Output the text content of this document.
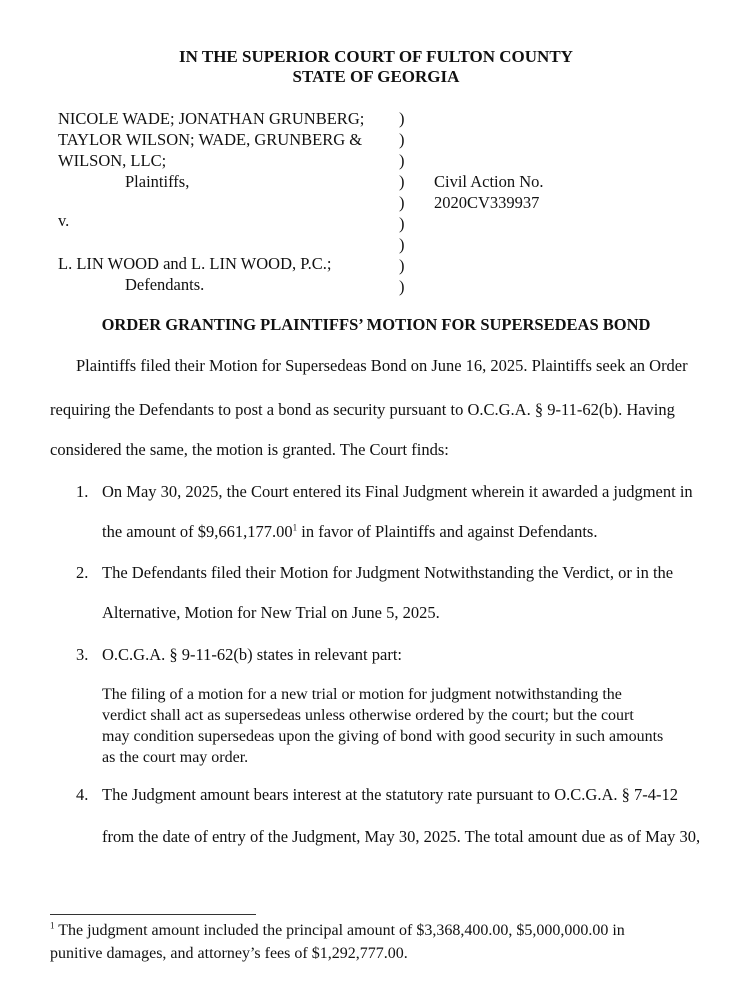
IN THE SUPERIOR COURT OF FULTON COUNTY
STATE OF GEORGIA
NICOLE WADE; JONATHAN GRUNBERG;
TAYLOR WILSON; WADE, GRUNBERG &
WILSON, LLC;
Plaintiffs,
v.
L. LIN WOOD and L. LIN WOOD, P.C.;
Defendants.
)
)
)
)
)
)
)
)
)
Civil Action No.
2020CV339937
ORDER GRANTING PLAINTIFFS’ MOTION FOR SUPERSEDEAS BOND
Plaintiffs filed their Motion for Supersedeas Bond on June 16, 2025. Plaintiffs seek an Order
requiring the Defendants to post a bond as security pursuant to O.C.G.A. § 9-11-62(b). Having
considered the same, the motion is granted. The Court finds:
1. On May 30, 2025, the Court entered its Final Judgment wherein it awarded a judgment in
the amount of $9,661,177.00$^1$ in favor of Plaintiffs and against Defendants.
2. The Defendants filed their Motion for Judgment Notwithstanding the Verdict, or in the
Alternative, Motion for New Trial on June 5, 2025.
3. O.C.G.A. § 9-11-62(b) states in relevant part:
The filing of a motion for a new trial or motion for judgment notwithstanding the
verdict shall act as supersedeas unless otherwise ordered by the court; but the court
may condition supersedeas upon the giving of bond with good security in such amounts
as the court may order.
4. The Judgment amount bears interest at the statutory rate pursuant to O.C.G.A. § 7-4-12
from the date of entry of the Judgment, May 30, 2025. The total amount due as of May 30,
$^1$ The judgment amount included the principal amount of $3,368,400.00, $5,000,000.00 in
punitive damages, and attorney’s fees of $1,292,777.00.
